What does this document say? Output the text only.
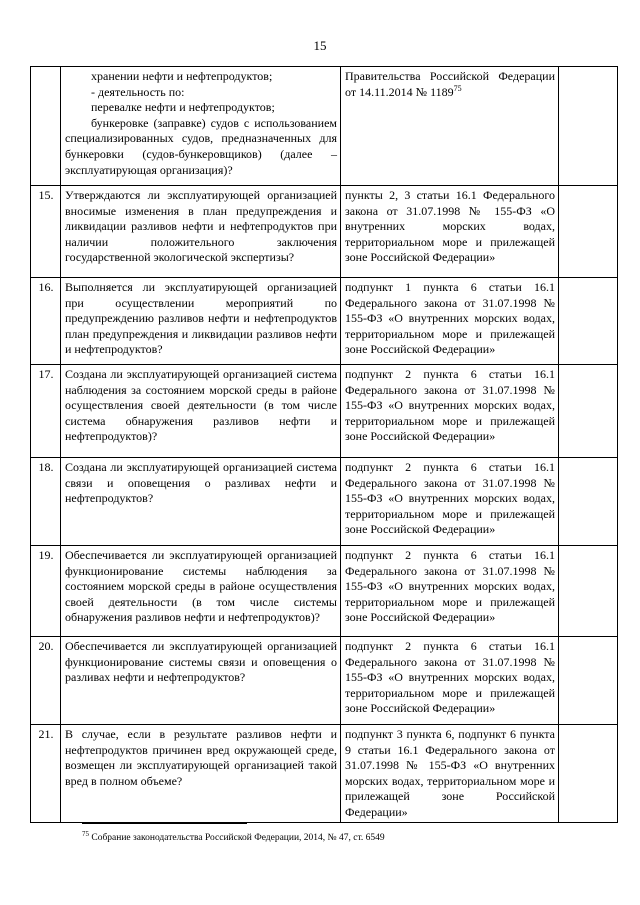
15

	хранении нефти и нефтепродуктов;
- деятельность по:
перевалке нефти и нефтепродуктов;
бункеровке (заправке) судов с использованием специализированных судов, предназначенных для бункеровки (судов-бункеровщиков) (далее – эксплуатирующая организация)?	Правительства Российской Федерации от 14.11.2014 № 1189$^{75}$	
15.	Утверждаются ли эксплуатирующей организацией вносимые изменения в план предупреждения и ликвидации разливов нефти и нефтепродуктов при наличии положительного заключения государственной экологической экспертизы?	пункты 2, 3 статьи 16.1 Федерального закона от 31.07.1998 № 155-ФЗ «О внутренних морских водах, территориальном море и прилежащей зоне Российской Федерации»	
16.	Выполняется ли эксплуатирующей организацией при осуществлении мероприятий по предупреждению разливов нефти и нефтепродуктов план предупреждения и ликвидации разливов нефти и нефтепродуктов?	подпункт 1 пункта 6 статьи 16.1 Федерального закона от 31.07.1998 № 155-ФЗ «О внутренних морских водах, территориальном море и прилежащей зоне Российской Федерации»	
17.	Создана ли эксплуатирующей организацией система наблюдения за состоянием морской среды в районе осуществления своей деятельности (в том числе система обнаружения разливов нефти и нефтепродуктов)?	подпункт 2 пункта 6 статьи 16.1 Федерального закона от 31.07.1998 № 155-ФЗ «О внутренних морских водах, территориальном море и прилежащей зоне Российской Федерации»	
18.	Создана ли эксплуатирующей организацией система связи и оповещения о разливах нефти и нефтепродуктов?	подпункт 2 пункта 6 статьи 16.1 Федерального закона от 31.07.1998 № 155-ФЗ «О внутренних морских водах, территориальном море и прилежащей зоне Российской Федерации»	
19.	Обеспечивается ли эксплуатирующей организацией функционирование системы наблюдения за состоянием морской среды в районе осуществления своей деятельности (в том числе системы обнаружения разливов нефти и нефтепродуктов)?	подпункт 2 пункта 6 статьи 16.1 Федерального закона от 31.07.1998 № 155-ФЗ «О внутренних морских водах, территориальном море и прилежащей зоне Российской Федерации»	
20.	Обеспечивается ли эксплуатирующей организацией функционирование системы связи и оповещения о разливах нефти и нефтепродуктов?	подпункт 2 пункта 6 статьи 16.1 Федерального закона от 31.07.1998 № 155-ФЗ «О внутренних морских водах, территориальном море и прилежащей зоне Российской Федерации»	
21.	В случае, если в результате разливов нефти и нефтепродуктов причинен вред окружающей среде, возмещен ли эксплуатирующей организацией такой вред в полном объеме?	подпункт 3 пункта 6, подпункт 6 пункта 9 статьи 16.1 Федерального закона от 31.07.1998 № 155-ФЗ «О внутренних морских водах, территориальном море и прилежащей зоне Российской Федерации»	
$^{75}$ Собрание законодательства Российской Федерации, 2014, № 47, ст. 6549
